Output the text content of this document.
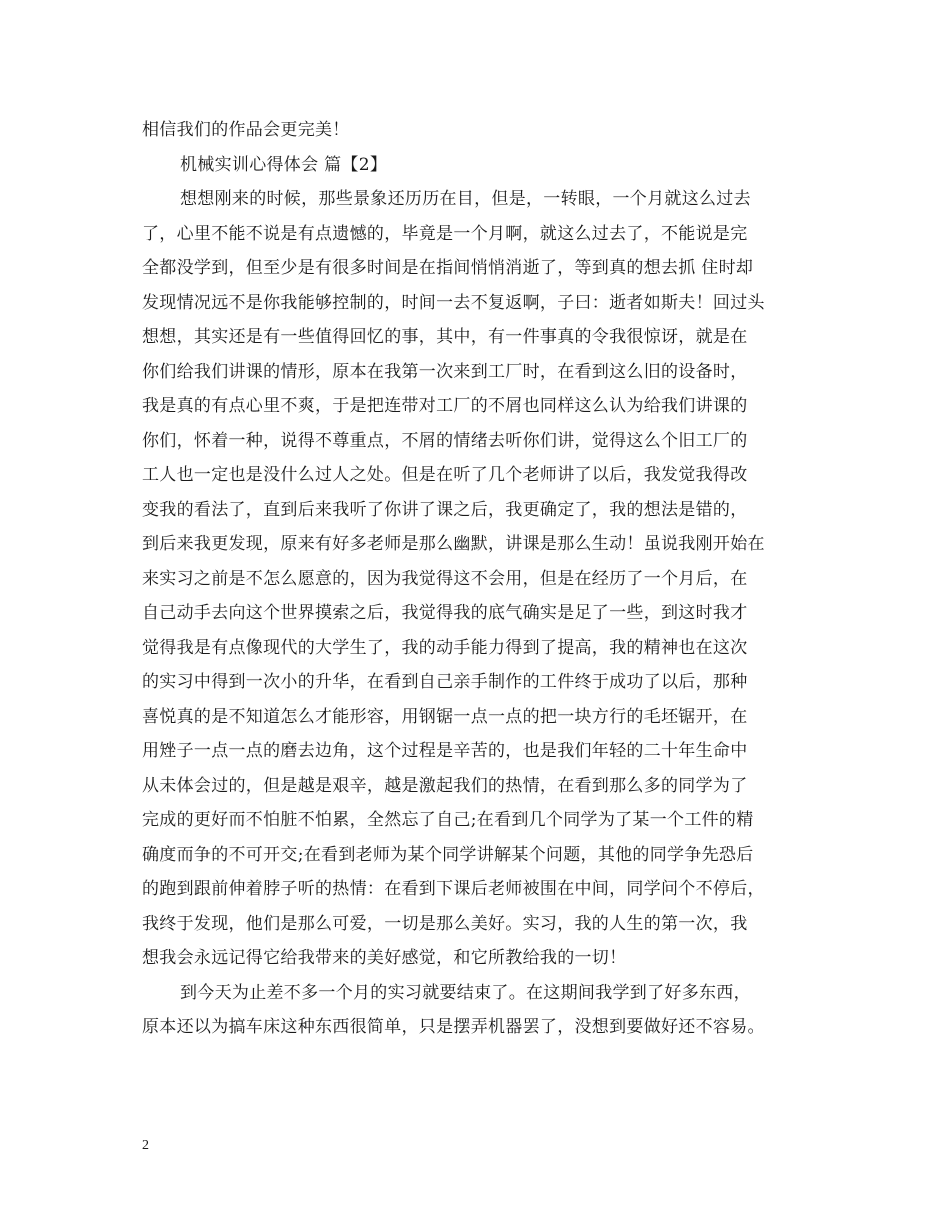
相信我们的作品会更完美！
机械实训心得体会 篇【2】
想想刚来的时候，那些景象还历历在目，但是，一转眼，一个月就这么过去
了，心里不能不说是有点遗憾的，毕竟是一个月啊，就这么过去了，不能说是完
全都没学到，但至少是有很多时间是在指间悄悄消逝了，等到真的想去抓 住时却
发现情况远不是你我能够控制的，时间一去不复返啊，子曰：逝者如斯夫！回过头
想想，其实还是有一些值得回忆的事，其中，有一件事真的令我很惊讶，就是在
你们给我们讲课的情形，原本在我第一次来到工厂时，在看到这么旧的设备时，
我是真的有点心里不爽，于是把连带对工厂的不屑也同样这么认为给我们讲课的
你们，怀着一种，说得不尊重点，不屑的情绪去听你们讲，觉得这么个旧工厂的
工人也一定也是没什么过人之处。但是在听了几个老师讲了以后，我发觉我得改
变我的看法了，直到后来我听了你讲了课之后，我更确定了，我的想法是错的，
到后来我更发现，原来有好多老师是那么幽默，讲课是那么生动！虽说我刚开始在
来实习之前是不怎么愿意的，因为我觉得这不会用，但是在经历了一个月后，在
自己动手去向这个世界摸索之后，我觉得我的底气确实是足了一些，到这时我才
觉得我是有点像现代的大学生了，我的动手能力得到了提高，我的精神也在这次
的实习中得到一次小的升华，在看到自己亲手制作的工件终于成功了以后，那种
喜悦真的是不知道怎么才能形容，用钢锯一点一点的把一块方行的毛坯锯开，在
用矬子一点一点的磨去边角，这个过程是辛苦的，也是我们年轻的二十年生命中
从未体会过的，但是越是艰辛，越是激起我们的热情，在看到那么多的同学为了
完成的更好而不怕脏不怕累，全然忘了自己;在看到几个同学为了某一个工件的精
确度而争的不可开交;在看到老师为某个同学讲解某个问题，其他的同学争先恐后
的跑到跟前伸着脖子听的热情：在看到下课后老师被围在中间，同学问个不停后，
我终于发现，他们是那么可爱，一切是那么美好。实习，我的人生的第一次，我
想我会永远记得它给我带来的美好感觉，和它所教给我的一切！
到今天为止差不多一个月的实习就要结束了。在这期间我学到了好多东西，
原本还以为搞车床这种东西很简单，只是摆弄机器罢了，没想到要做好还不容易。
2
